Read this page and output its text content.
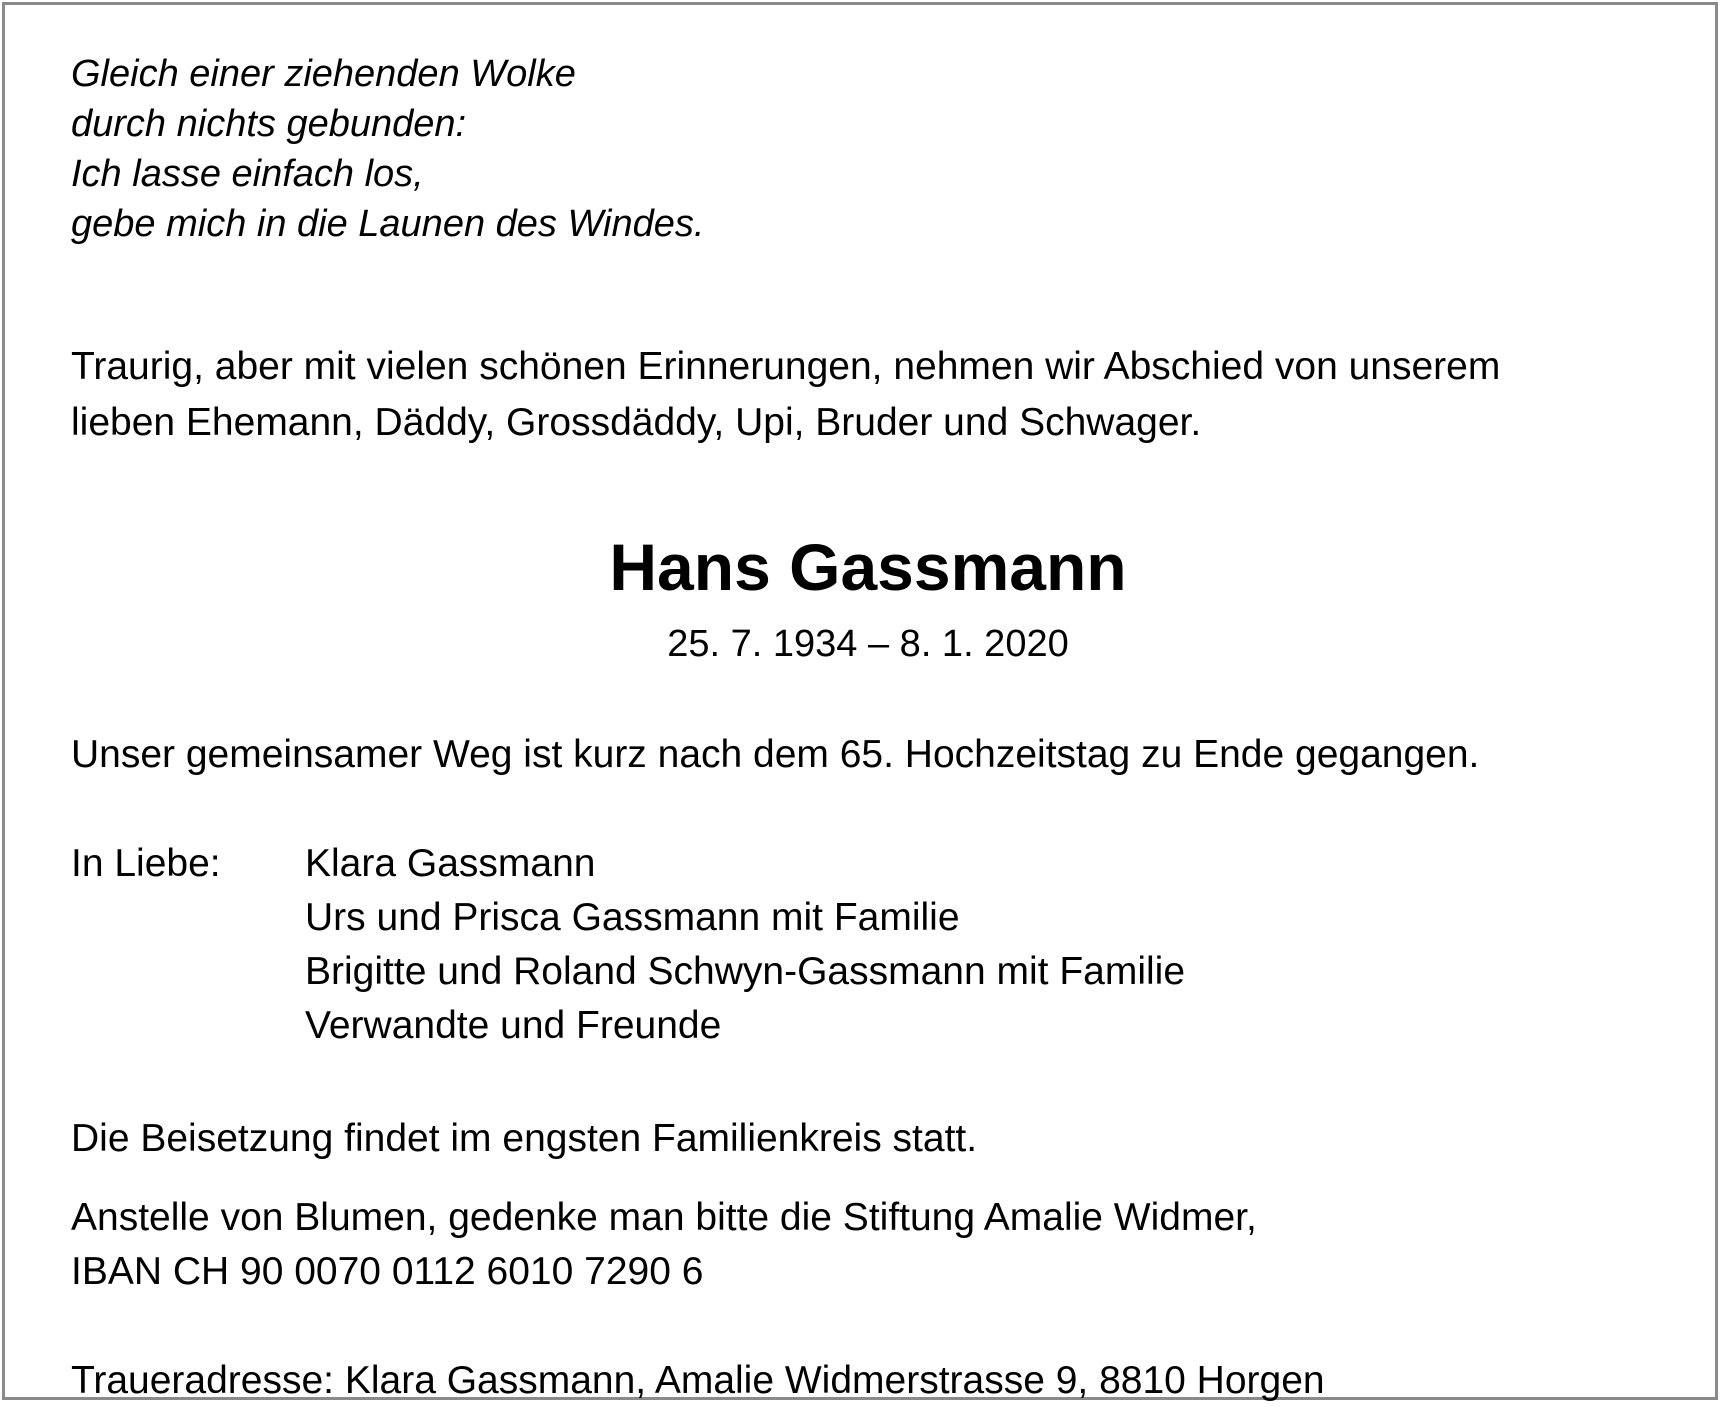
Gleich einer ziehenden Wolke
durch nichts gebunden:
Ich lasse einfach los,
gebe mich in die Launen des Windes.
Traurig, aber mit vielen schönen Erinnerungen, nehmen wir Abschied von unserem
lieben Ehemann, Däddy, Grossdäddy, Upi, Bruder und Schwager.
Hans Gassmann
25. 7. 1934 – 8. 1. 2020
Unser gemeinsamer Weg ist kurz nach dem 65. Hochzeitstag zu Ende gegangen.
In Liebe: Klara Gassmann
Urs und Prisca Gassmann mit Familie
Brigitte und Roland Schwyn-Gassmann mit Familie
Verwandte und Freunde
Die Beisetzung findet im engsten Familienkreis statt.
Anstelle von Blumen, gedenke man bitte die Stiftung Amalie Widmer,
IBAN CH 90 0070 0112 6010 7290 6
Traueradresse: Klara Gassmann, Amalie Widmerstrasse 9, 8810 Horgen
